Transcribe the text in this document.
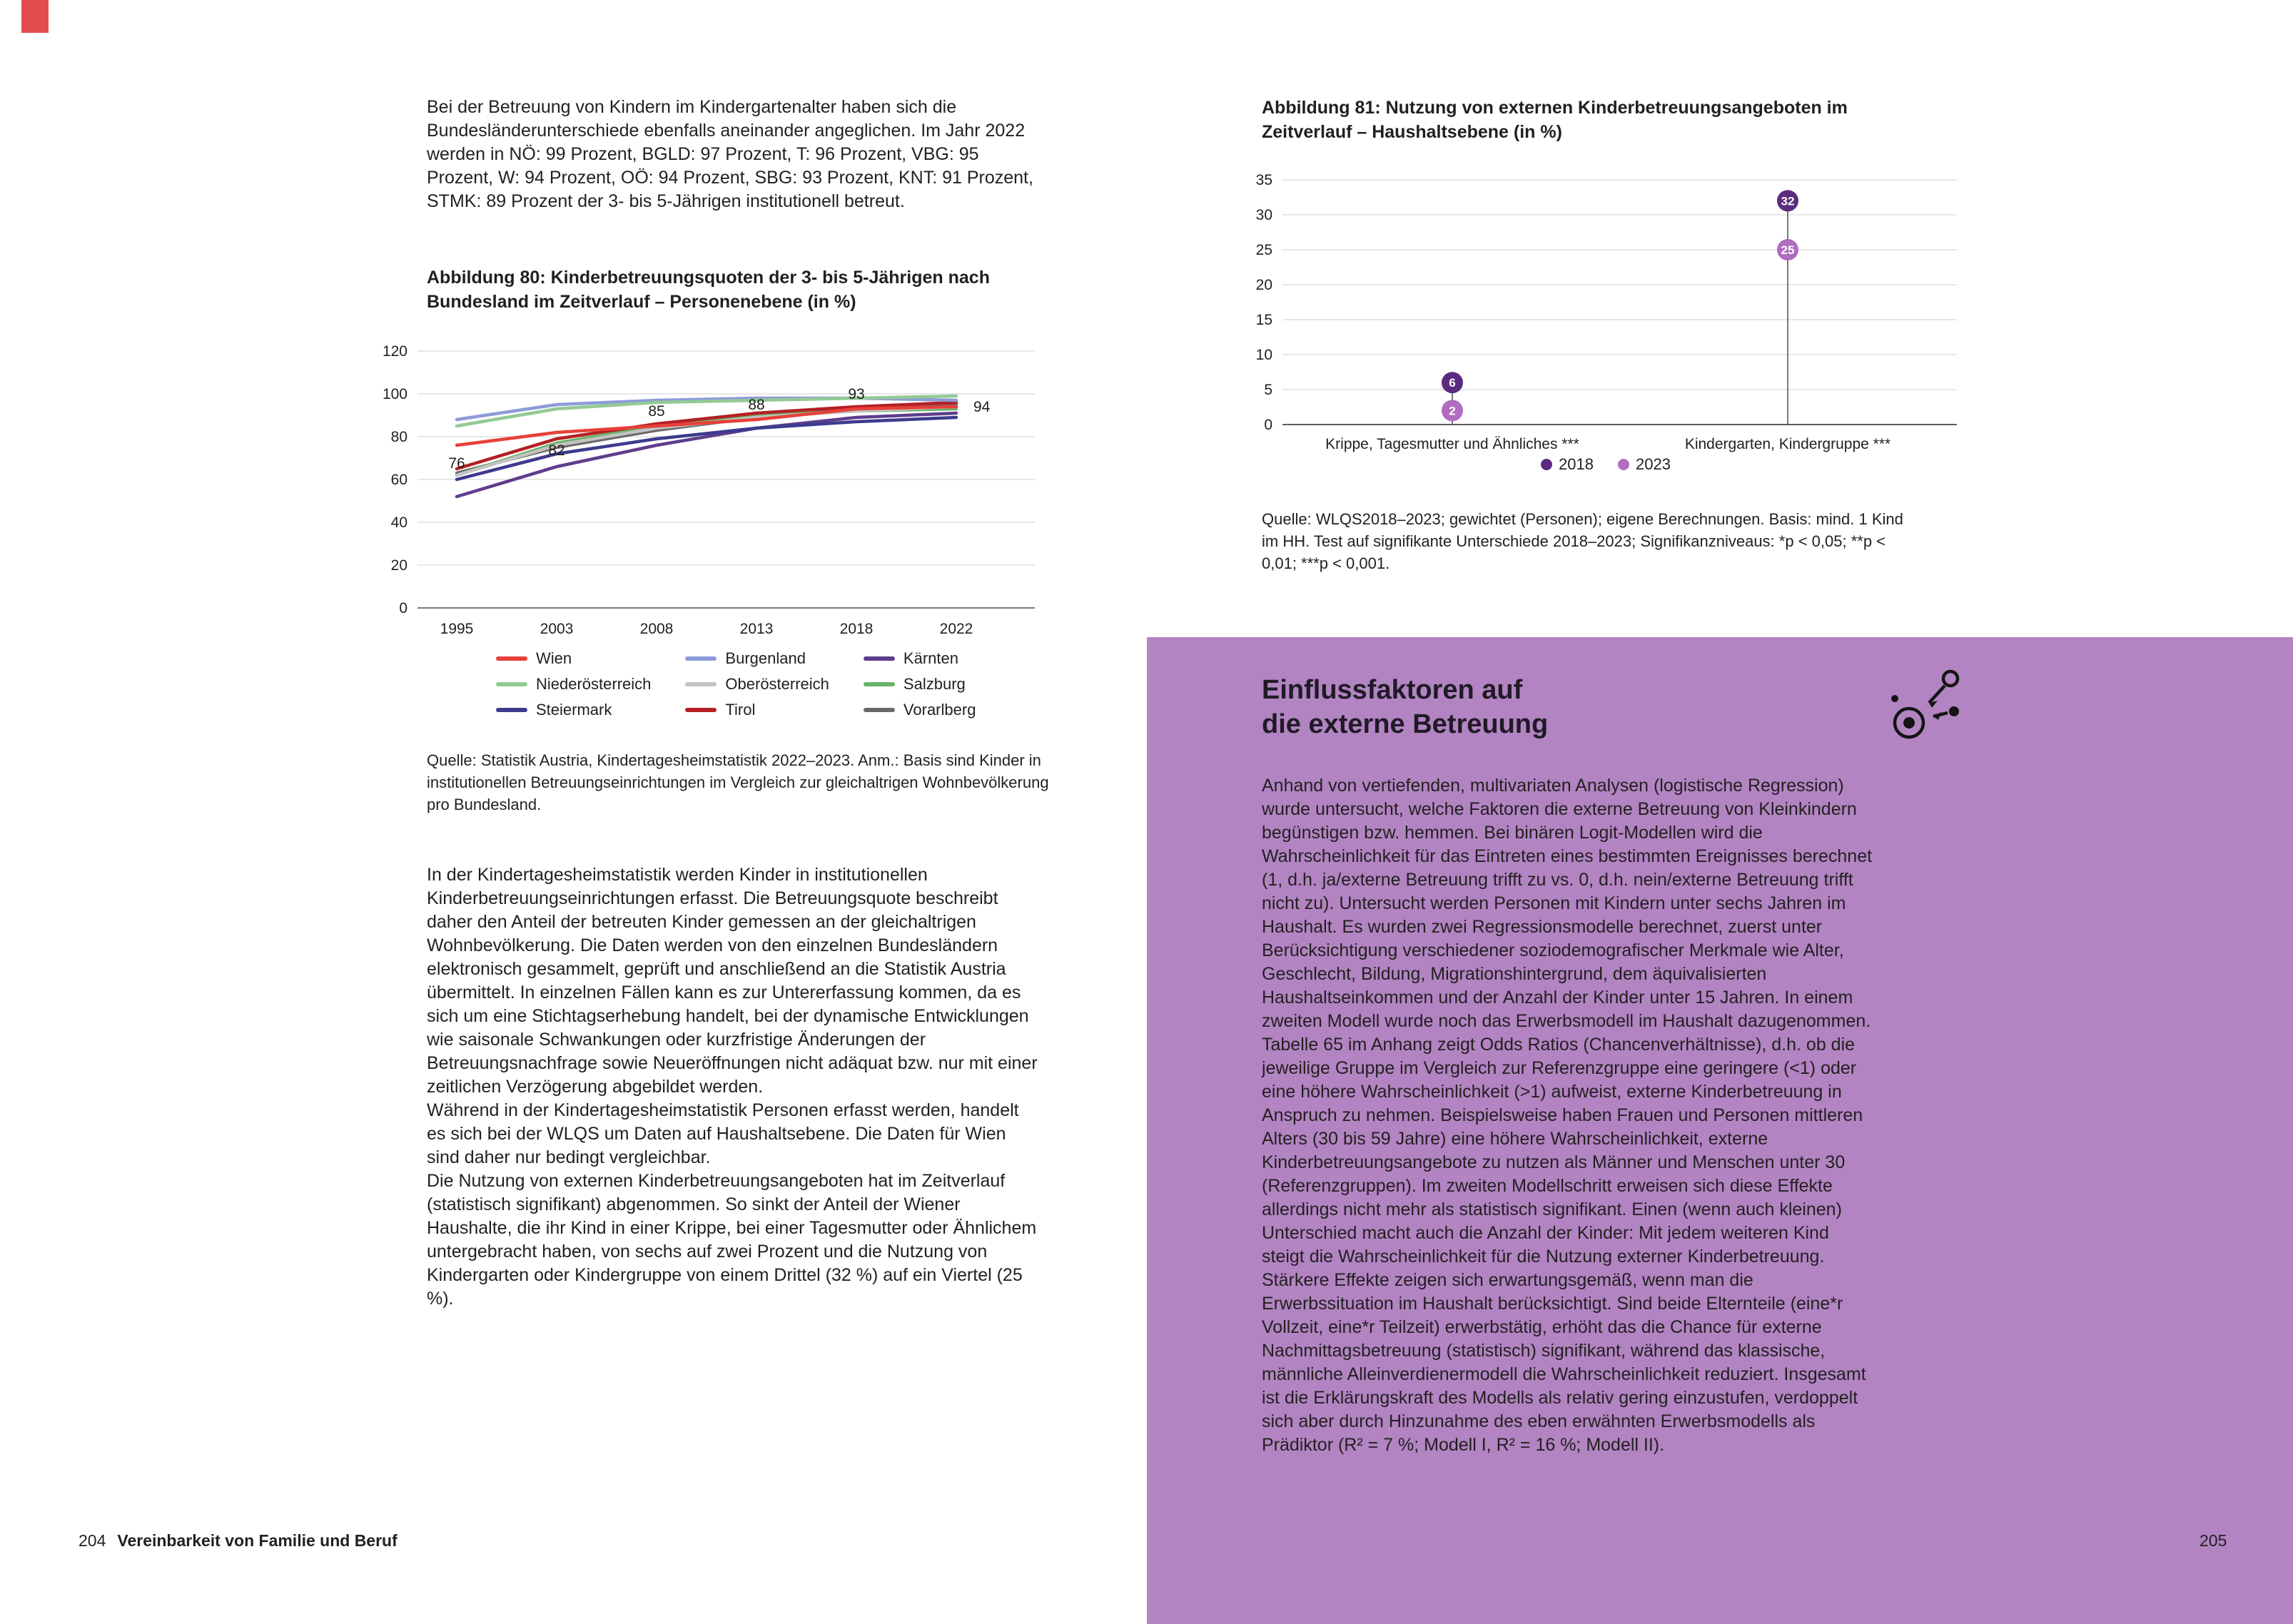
Bei der Betreuung von Kindern im Kindergartenalter haben sich die Bundesländerunterschiede ebenfalls aneinander angeglichen. Im Jahr 2022 werden in NÖ: 99 Prozent, BGLD: 97 Prozent, T: 96 Prozent, VBG: 95 Prozent, W: 94 Prozent, OÖ: 94 Prozent, SBG: 93 Prozent, KNT: 91 Prozent, STMK: 89 Prozent der 3- bis 5-Jährigen institutionell betreut.
Abbildung 80: Kinderbetreuungsquoten der 3- bis 5-Jährigen nach Bundesland im Zeitverlauf – Personenebene (in %)
0
20
40
60
80
100
120
1995	2003	2008	2013	2018	2022
76
82
85	88
93
94
Wien
Niederösterreich
Steiermark
Burgenland
Oberösterreich
Tirol
Kärnten
Salzburg
Vorarlberg
Quelle: Statistik Austria, Kindertagesheimstatistik 2022–2023. Anm.: Basis sind Kinder in institutionellen Betreuungseinrichtungen im Vergleich zur gleichaltrigen Wohnbevölkerung pro Bundesland.
In der Kindertagesheimstatistik werden Kinder in institutionellen Kinderbetreuungseinrichtungen erfasst. Die Betreuungsquote beschreibt daher den Anteil der betreuten Kinder gemessen an der gleichaltrigen Wohnbevölkerung. Die Daten werden von den einzelnen Bundesländern elektronisch gesammelt, geprüft und anschließend an die Statistik Austria übermittelt. In einzelnen Fällen kann es zur Untererfassung kommen, da es sich um eine Stichtagserhebung handelt, bei der dynamische Entwicklungen wie saisonale Schwankungen oder kurzfristige Änderungen der Betreuungsnachfrage sowie Neueröffnungen nicht adäquat bzw. nur mit einer zeitlichen Verzögerung abgebildet werden.
Während in der Kindertagesheimstatistik Personen erfasst werden, handelt es sich bei der WLQS um Daten auf Haushaltsebene. Die Daten für Wien sind daher nur bedingt vergleichbar.
Die Nutzung von externen Kinderbetreuungsangeboten hat im Zeitverlauf (statistisch signifikant) abgenommen. So sinkt der Anteil der Wiener Haushalte, die ihr Kind in einer Krippe, bei einer Tagesmutter oder Ähnlichem untergebracht haben, von sechs auf zwei Prozent und die Nutzung von Kindergarten oder Kindergruppe von einem Drittel (32 %) auf ein Viertel (25 %).
204 Vereinbarkeit von Familie und Beruf
Abbildung 81: Nutzung von externen Kinderbetreuungsangeboten im Zeitverlauf – Haushaltsebene (in %)
0
5
10
15
20
25
30
35
Krippe, Tagesmutter und Ähnliches ***	Kindergarten, Kindergruppe ***
6
2
32
25
2018	2023
Quelle: WLQS2018–2023; gewichtet (Personen); eigene Berechnungen. Basis: mind. 1 Kind im HH. Test auf signifikante Unterschiede 2018–2023; Signifikanzniveaus: *p < 0,05; **p < 0,01; ***p < 0,001.
Einflussfaktoren auf
die externe Betreuung
Anhand von vertiefenden, multivariaten Analysen (logistische Regression) wurde untersucht, welche Faktoren die externe Betreuung von Kleinkindern begünstigen bzw. hemmen. Bei binären Logit-Modellen wird die Wahrscheinlichkeit für das Eintreten eines bestimmten Ereignisses berechnet (1, d.h. ja/externe Betreuung trifft zu vs. 0, d.h. nein/externe Betreuung trifft nicht zu). Untersucht werden Personen mit Kindern unter sechs Jahren im Haushalt. Es wurden zwei Regressionsmodelle berechnet, zuerst unter Berücksichtigung verschiedener soziodemografischer Merkmale wie Alter, Geschlecht, Bildung, Migrationshintergrund, dem äquivalisierten Haushaltseinkommen und der Anzahl der Kinder unter 15 Jahren. In einem zweiten Modell wurde noch das Erwerbsmodell im Haushalt dazugenommen. Tabelle 65 im Anhang zeigt Odds Ratios (Chancenverhältnisse), d.h. ob die jeweilige Gruppe im Vergleich zur Referenzgruppe eine geringere (<1) oder eine höhere Wahrscheinlichkeit (>1) aufweist, externe Kinderbetreuung in Anspruch zu nehmen. Beispielsweise haben Frauen und Personen mittleren Alters (30 bis 59 Jahre) eine höhere Wahrscheinlichkeit, externe Kinderbetreuungsangebote zu nutzen als Männer und Menschen unter 30 (Referenzgruppen). Im zweiten Modellschritt erweisen sich diese Effekte allerdings nicht mehr als statistisch signifikant. Einen (wenn auch kleinen) Unterschied macht auch die Anzahl der Kinder: Mit jedem weiteren Kind steigt die Wahrscheinlichkeit für die Nutzung externer Kinderbetreuung. Stärkere Effekte zeigen sich erwartungsgemäß, wenn man die Erwerbssituation im Haushalt berücksichtigt. Sind beide Elternteile (eine*r Vollzeit, eine*r Teilzeit) erwerbstätig, erhöht das die Chance für externe Nachmittagsbetreuung (statistisch) signifikant, während das klassische, männliche Alleinverdienermodell die Wahrscheinlichkeit reduziert. Insgesamt ist die Erklärungskraft des Modells als relativ gering einzustufen, verdoppelt sich aber durch Hinzunahme des eben erwähnten Erwerbsmodells als Prädiktor (R² = 7 %; Modell I, R² = 16 %; Modell II).
205
